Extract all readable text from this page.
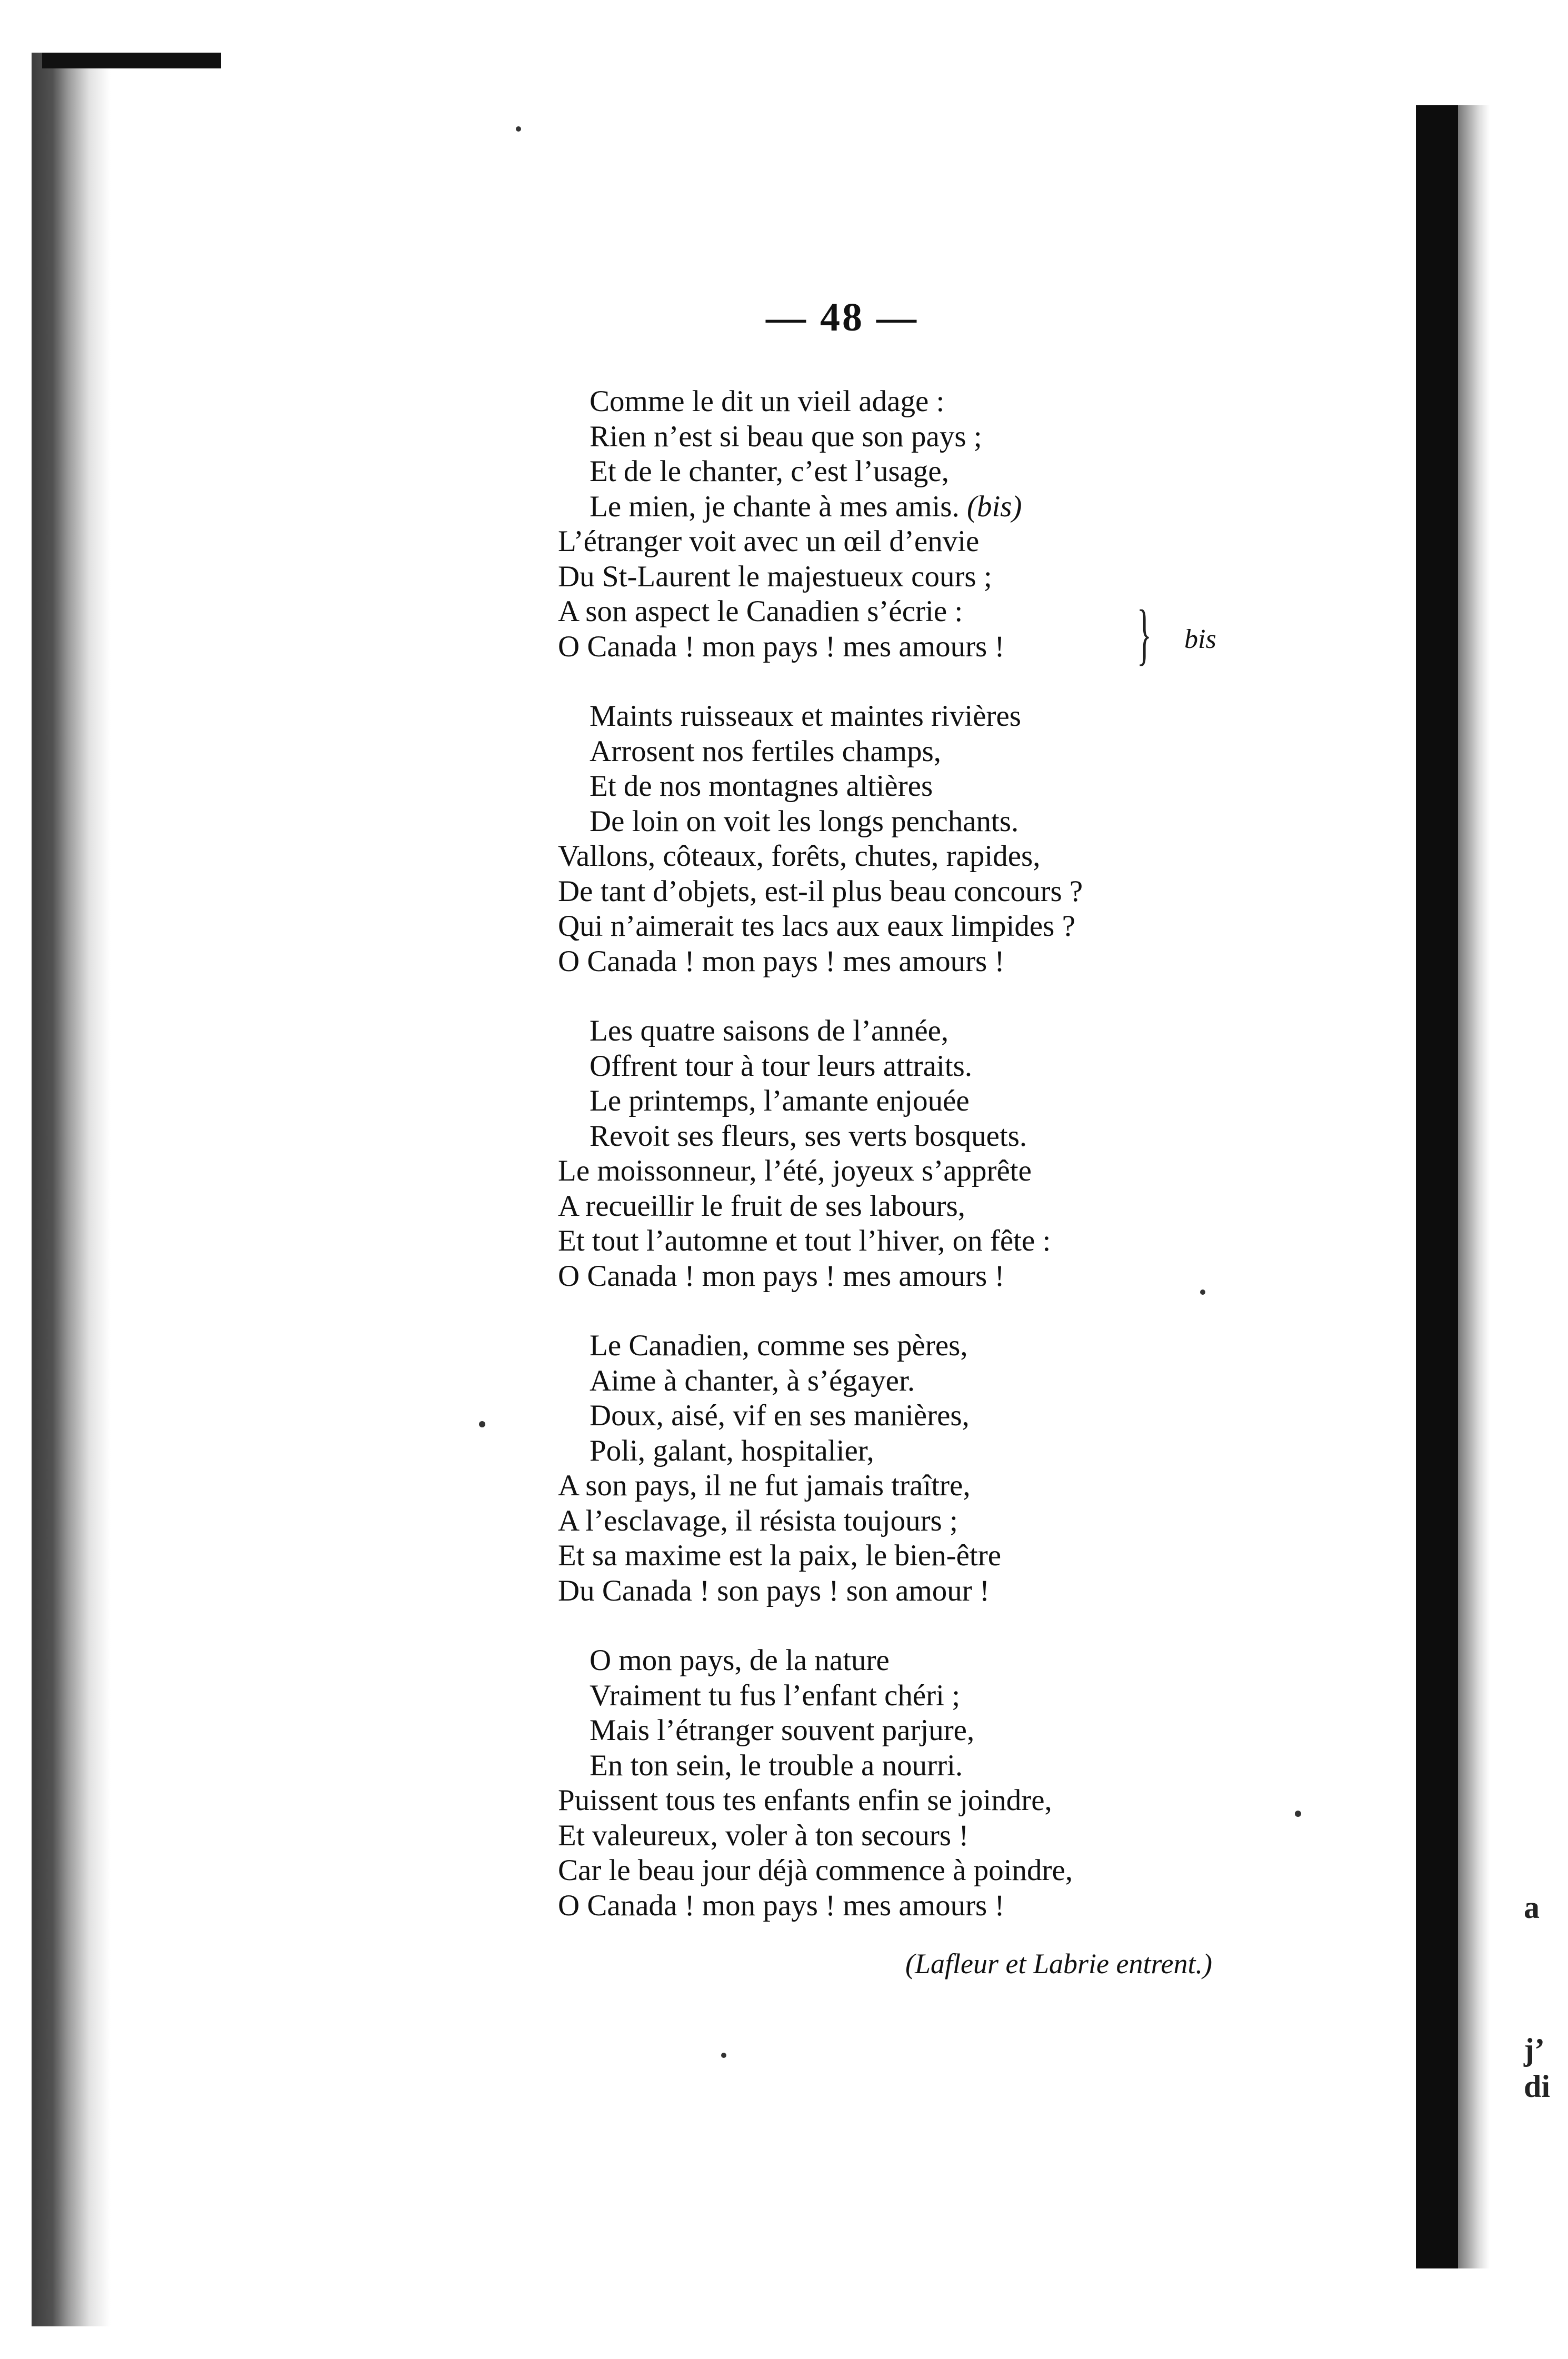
a
j’
di
— 48 —
Comme le dit un vieil adage :
Rien n’est si beau que son pays ;
Et de le chanter, c’est l’usage,
Le mien, je chante à mes amis. (bis)
L’étranger voit avec un œil d’envie
Du St-Laurent le majestueux cours ;
A son aspect le Canadien s’écrie :
O Canada ! mon pays ! mes amours !
Maints ruisseaux et maintes rivières
Arrosent nos fertiles champs,
Et de nos montagnes altières
De loin on voit les longs penchants.
Vallons, côteaux, forêts, chutes, rapides,
De tant d’objets, est-il plus beau concours ?
Qui n’aimerait tes lacs aux eaux limpides ?
O Canada ! mon pays ! mes amours !
Les quatre saisons de l’année,
Offrent tour à tour leurs attraits.
Le printemps, l’amante enjouée
Revoit ses fleurs, ses verts bosquets.
Le moissonneur, l’été, joyeux s’apprête
A recueillir le fruit de ses labours,
Et tout l’automne et tout l’hiver, on fête :
O Canada ! mon pays ! mes amours !
Le Canadien, comme ses pères,
Aime à chanter, à s’égayer.
Doux, aisé, vif en ses manières,
Poli, galant, hospitalier,
A son pays, il ne fut jamais traître,
A l’esclavage, il résista toujours ;
Et sa maxime est la paix, le bien-être
Du Canada ! son pays ! son amour !
O mon pays, de la nature
Vraiment tu fus l’enfant chéri ;
Mais l’étranger souvent parjure,
En ton sein, le trouble a nourri.
Puissent tous tes enfants enfin se joindre,
Et valeureux, voler à ton secours !
Car le beau jour déjà commence à poindre,
O Canada ! mon pays ! mes amours !
} bis
(Lafleur et Labrie entrent.)
